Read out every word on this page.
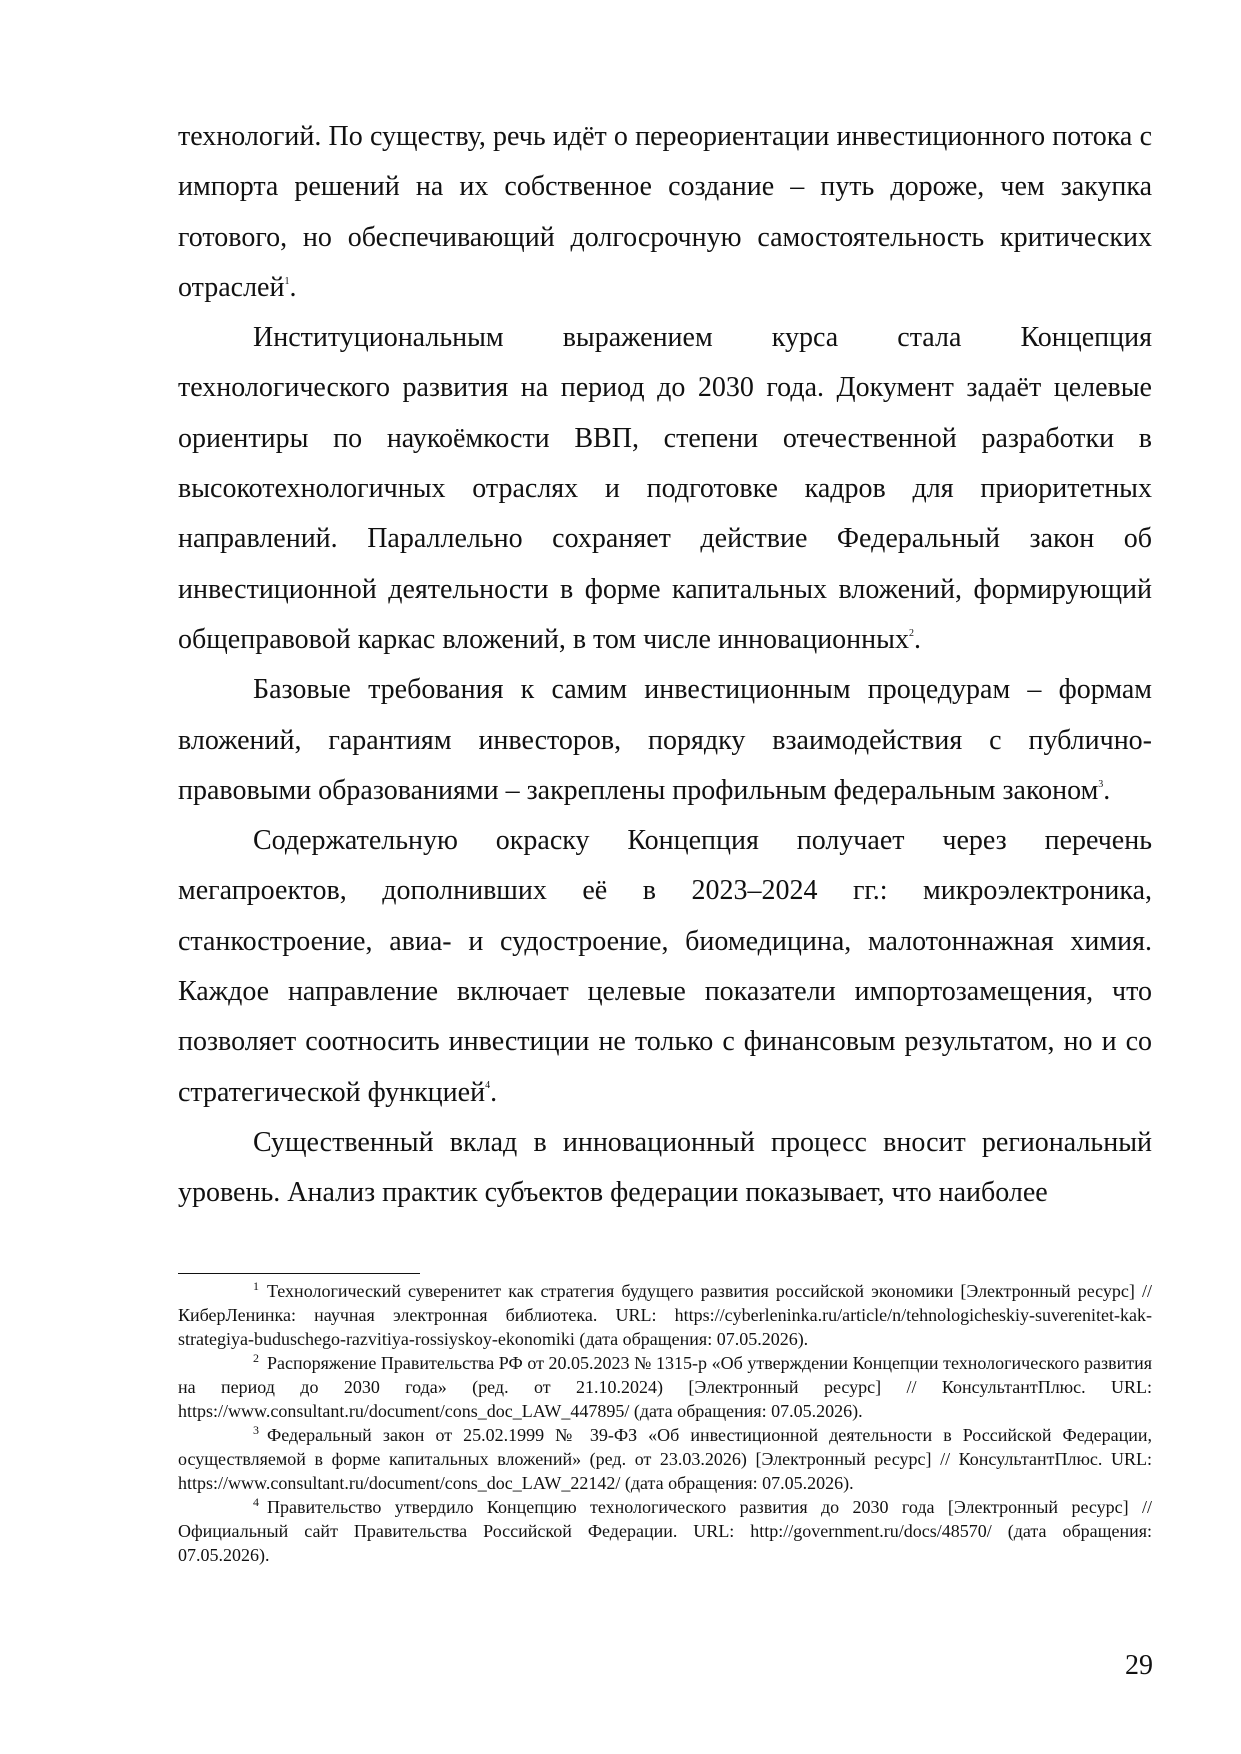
технологий. По существу, речь идёт о переориентации инвестиционного потока с импорта решений на их собственное создание – путь дороже, чем закупка готового, но обеспечивающий долгосрочную самостоятельность критических отраслей$^1$.

Институциональным выражением курса стала Концепция технологического развития на период до 2030 года. Документ задаёт целевые ориентиры по наукоёмкости ВВП, степени отечественной разработки в высокотехнологичных отраслях и подготовке кадров для приоритетных направлений. Параллельно сохраняет действие Федеральный закон об инвестиционной деятельности в форме капитальных вложений, формирующий общеправовой каркас вложений, в том числе инновационных$^2$.

Базовые требования к самим инвестиционным процедурам – формам вложений, гарантиям инвесторов, порядку взаимодействия с публично-правовыми образованиями – закреплены профильным федеральным законом$^3$.

Содержательную окраску Концепция получает через перечень мегапроектов, дополнивших её в 2023–2024 гг.: микроэлектроника, станкостроение, авиа- и судостроение, биомедицина, малотоннажная химия. Каждое направление включает целевые показатели импортозамещения, что позволяет соотносить инвестиции не только с финансовым результатом, но и со стратегической функцией$^4$.

Существенный вклад в инновационный процесс вносит региональный уровень. Анализ практик субъектов федерации показывает, что наиболее

$^1$ Технологический суверенитет как стратегия будущего развития российской экономики [Электронный ресурс] // КиберЛенинка: научная электронная библиотека. URL: https://cyberleninka.ru/article/n/tehnologicheskiy-suverenitet-kak-strategiya-buduschego-razvitiya-rossiyskoy-ekonomiki (дата обращения: 07.05.2026).

$^2$ Распоряжение Правительства РФ от 20.05.2023 № 1315-р «Об утверждении Концепции технологического развития на период до 2030 года» (ред. от 21.10.2024) [Электронный ресурс] // КонсультантПлюс. URL: https://www.consultant.ru/document/cons_doc_LAW_447895/ (дата обращения: 07.05.2026).

$^3$ Федеральный закон от 25.02.1999 № 39-ФЗ «Об инвестиционной деятельности в Российской Федерации, осуществляемой в форме капитальных вложений» (ред. от 23.03.2026) [Электронный ресурс] // КонсультантПлюс. URL: https://www.consultant.ru/document/cons_doc_LAW_22142/ (дата обращения: 07.05.2026).

$^4$ Правительство утвердило Концепцию технологического развития до 2030 года [Электронный ресурс] // Официальный сайт Правительства Российской Федерации. URL: http://government.ru/docs/48570/ (дата обращения: 07.05.2026).

29
